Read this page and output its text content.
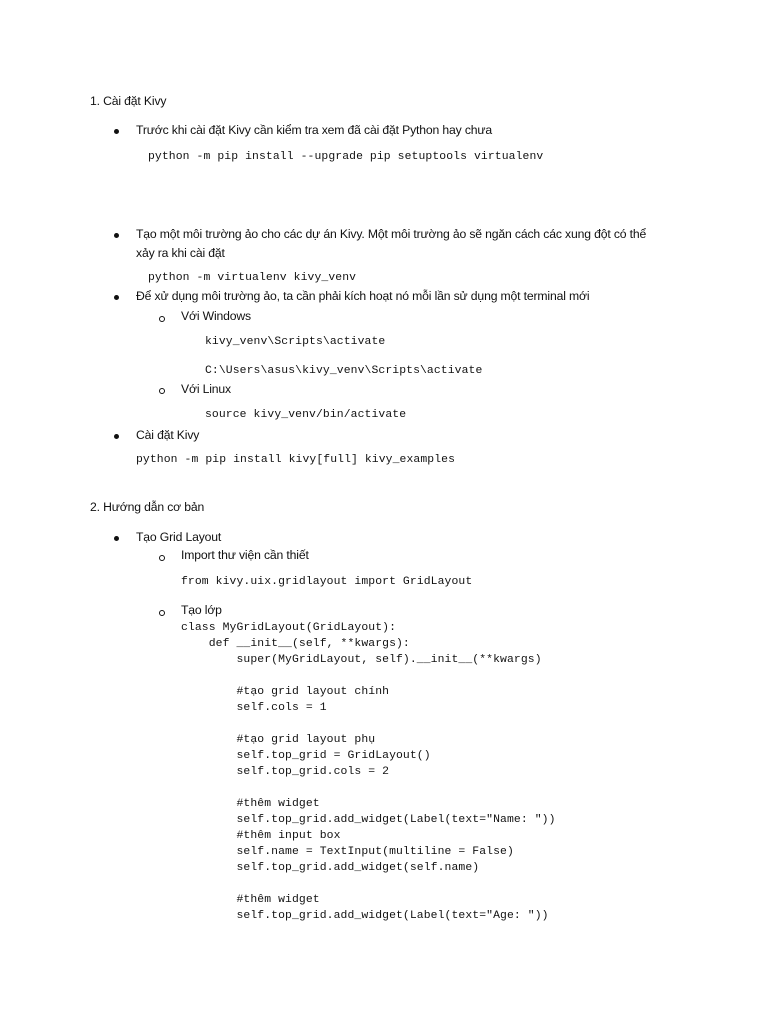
1. Cài đặt Kivy
Trước khi cài đặt Kivy cần kiểm tra xem đã cài đặt Python hay chưa
python -m pip install --upgrade pip setuptools virtualenv
Tạo một môi trường ảo cho các dự án Kivy. Một môi trường ảo sẽ ngăn cách các xung đột có thể
xảy ra khi cài đặt
python -m virtualenv kivy_venv
Để xử dụng môi trường ảo, ta cần phải kích hoạt nó mỗi lần sử dụng một terminal mới
Với Windows
kivy_venv\Scripts\activate
C:\Users\asus\kivy_venv\Scripts\activate
Với Linux
source kivy_venv/bin/activate
Cài đặt Kivy
python -m pip install kivy[full] kivy_examples
2. Hướng dẫn cơ bản
Tạo Grid Layout
Import thư viện cần thiết
from kivy.uix.gridlayout import GridLayout
Tạo lớp
class MyGridLayout(GridLayout):
def __init__(self, **kwargs):
super(MyGridLayout, self).__init__(**kwargs)

#tạo grid layout chính
self.cols = 1

#tạo grid layout phụ
self.top_grid = GridLayout()
self.top_grid.cols = 2

#thêm widget
self.top_grid.add_widget(Label(text="Name: "))
#thêm input box
self.name = TextInput(multiline = False)
self.top_grid.add_widget(self.name)

#thêm widget
self.top_grid.add_widget(Label(text="Age: "))
